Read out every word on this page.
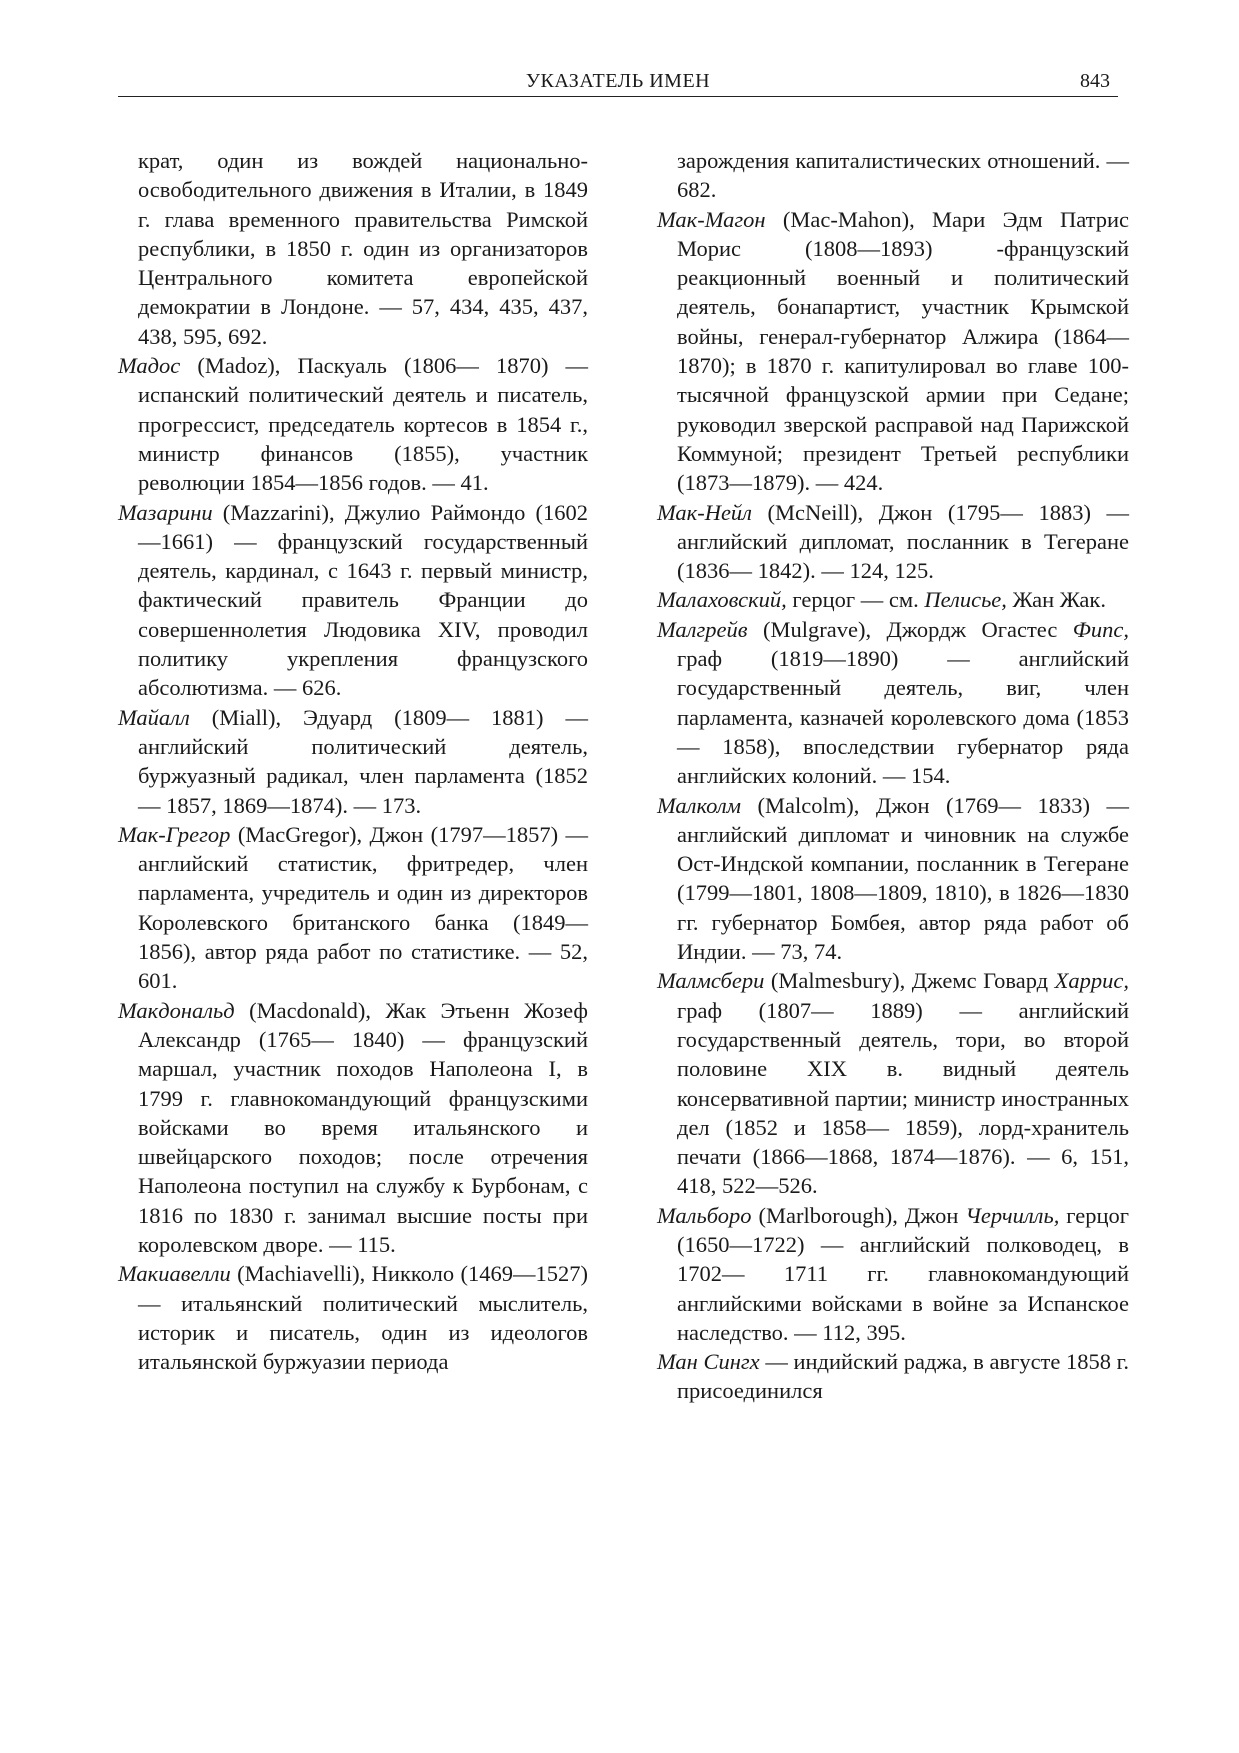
УКАЗАТЕЛЬ ИМЕН	843

крат, один из вождей национально-освободительного движения в Италии, в 1849 г. глава временного правительства Римской республики, в 1850 г. один из организаторов Центрального комитета европейской демократии в Лондоне. — 57, 434, 435, 437, 438, 595, 692.

Мадос (Madoz), Паскуаль (1806— 1870) — испанский политический деятель и писатель, прогрессист, председатель кортесов в 1854 г., министр финансов (1855), участник революции 1854—1856 годов. — 41.

Мазарини (Mazzarini), Джулио Раймондо (1602—1661) — французский государственный деятель, кардинал, с 1643 г. первый министр, фактический правитель Франции до совершеннолетия Людовика XIV, проводил политику укрепления французского абсолютизма. — 626.

Майалл (Miall), Эдуард (1809— 1881) — английский политический деятель, буржуазный радикал, член парламента (1852— 1857, 1869—1874). — 173.

Мак-Грегор (MacGregor), Джон (1797—1857) — английский статистик, фритредер, член парламента, учредитель и один из директоров Королевского британского банка (1849—1856), автор ряда работ по статистике. — 52, 601.

Макдональд (Macdonald), Жак Этьенн Жозеф Александр (1765— 1840) — французский маршал, участник походов Наполеона I, в 1799 г. главнокомандующий французскими войсками во время итальянского и швейцарского походов; после отречения Наполеона поступил на службу к Бурбонам, с 1816 по 1830 г. занимал высшие посты при королевском дворе. — 115.

Макиавелли (Machiavelli), Никколо (1469—1527) — итальянский политический мыслитель, историк и писатель, один из идеологов итальянской буржуазии периода

зарождения капиталистических отношений. — 682.

Мак-Магон (Mac-Mahon), Мари Эдм Патрис Морис (1808—1893) -французский реакционный военный и политический деятель, бонапартист, участник Крымской войны, генерал-губернатор Алжира (1864—1870); в 1870 г. капитулировал во главе 100-тысячной французской армии при Седане; руководил зверской расправой над Парижской Коммуной; президент Третьей республики (1873—1879). — 424.

Мак-Нейл (McNeill), Джон (1795— 1883) — английский дипломат, посланник в Тегеране (1836— 1842). — 124, 125.

Малаховский, герцог — см. Пелисье, Жан Жак.

Малгрейв (Mulgrave), Джордж Огастес Фипс, граф (1819—1890) — английский государственный деятель, виг, член парламента, казначей королевского дома (1853— 1858), впоследствии губернатор ряда английских колоний. — 154.

Малколм (Malcolm), Джон (1769— 1833) — английский дипломат и чиновник на службе Ост-Индской компании, посланник в Тегеране (1799—1801, 1808—1809, 1810), в 1826—1830 гг. губернатор Бомбея, автор ряда работ об Индии. — 73, 74.

Малмсбери (Malmesbury), Джемс Говард Харрис, граф (1807— 1889) — английский государственный деятель, тори, во второй половине XIX в. видный деятель консервативной партии; министр иностранных дел (1852 и 1858— 1859), лорд-хранитель печати (1866—1868, 1874—1876). — 6, 151, 418, 522—526.

Мальборо (Marlborough), Джон Черчилль, герцог (1650—1722) — английский полководец, в 1702— 1711 гг. главнокомандующий английскими войсками в войне за Испанское наследство. — 112, 395.

Ман Сингх — индийский раджа, в августе 1858 г. присоединился
